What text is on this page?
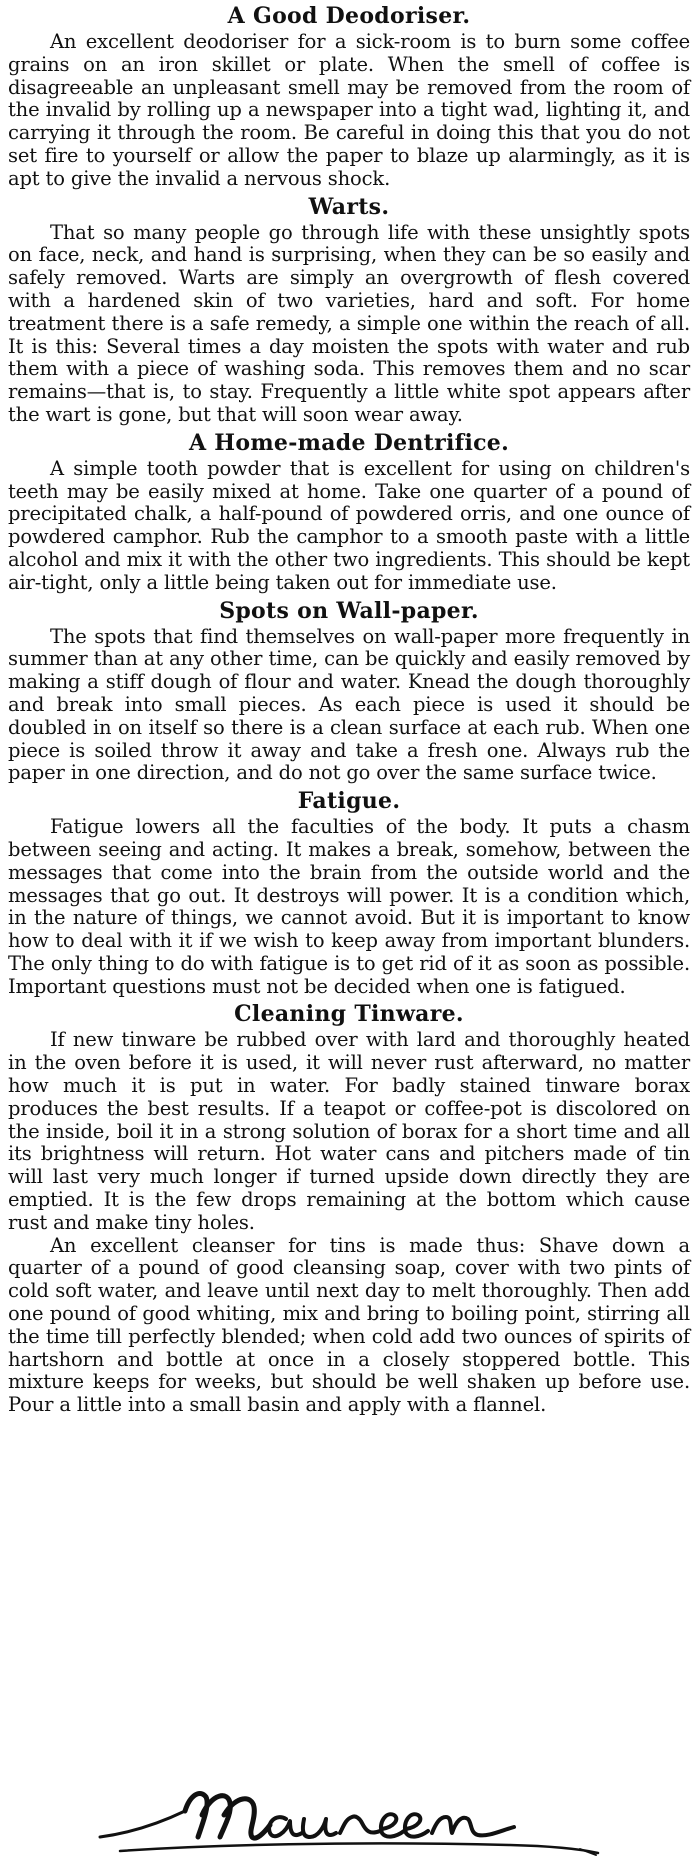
A Good Deodoriser.

An excellent deodoriser for a sick-room is to burn some coffee grains on an iron skillet or plate. When the smell of coffee is disagreeable an unpleasant smell may be removed from the room of the invalid by rolling up a newspaper into a tight wad, lighting it, and carrying it through the room. Be careful in doing this that you do not set fire to yourself or allow the paper to blaze up alarmingly, as it is apt to give the invalid a nervous shock.

Warts.

That so many people go through life with these unsightly spots on face, neck, and hand is surprising, when they can be so easily and safely removed. Warts are simply an overgrowth of flesh covered with a hardened skin of two varieties, hard and soft. For home treatment there is a safe remedy, a simple one within the reach of all. It is this: Several times a day moisten the spots with water and rub them with a piece of washing soda. This removes them and no scar remains—that is, to stay. Frequently a little white spot appears after the wart is gone, but that will soon wear away.

A Home-made Dentrifice.

A simple tooth powder that is excellent for using on children's teeth may be easily mixed at home. Take one quarter of a pound of precipitated chalk, a half-pound of powdered orris, and one ounce of powdered camphor. Rub the camphor to a smooth paste with a little alcohol and mix it with the other two ingredients. This should be kept air-tight, only a little being taken out for immediate use.

Spots on Wall-paper.

The spots that find themselves on wall-paper more frequently in summer than at any other time, can be quickly and easily removed by making a stiff dough of flour and water. Knead the dough thoroughly and break into small pieces. As each piece is used it should be doubled in on itself so there is a clean surface at each rub. When one piece is soiled throw it away and take a fresh one. Always rub the paper in one direction, and do not go over the same surface twice.

Fatigue.

Fatigue lowers all the faculties of the body. It puts a chasm between seeing and acting. It makes a break, somehow, between the messages that come into the brain from the outside world and the messages that go out. It destroys will power. It is a condition which, in the nature of things, we cannot avoid. But it is important to know how to deal with it if we wish to keep away from important blunders. The only thing to do with fatigue is to get rid of it as soon as possible. Important questions must not be decided when one is fatigued.

Cleaning Tinware.

If new tinware be rubbed over with lard and thoroughly heated in the oven before it is used, it will never rust afterward, no matter how much it is put in water. For badly stained tinware borax produces the best results. If a teapot or coffee-pot is discolored on the inside, boil it in a strong solution of borax for a short time and all its brightness will return. Hot water cans and pitchers made of tin will last very much longer if turned upside down directly they are emptied. It is the few drops remaining at the bottom which cause rust and make tiny holes.

An excellent cleanser for tins is made thus: Shave down a quarter of a pound of good cleansing soap, cover with two pints of cold soft water, and leave until next day to melt thoroughly. Then add one pound of good whiting, mix and bring to boiling point, stirring all the time till perfectly blended; when cold add two ounces of spirits of hartshorn and bottle at once in a closely stoppered bottle. This mixture keeps for weeks, but should be well shaken up before use. Pour a little into a small basin and apply with a flannel.
